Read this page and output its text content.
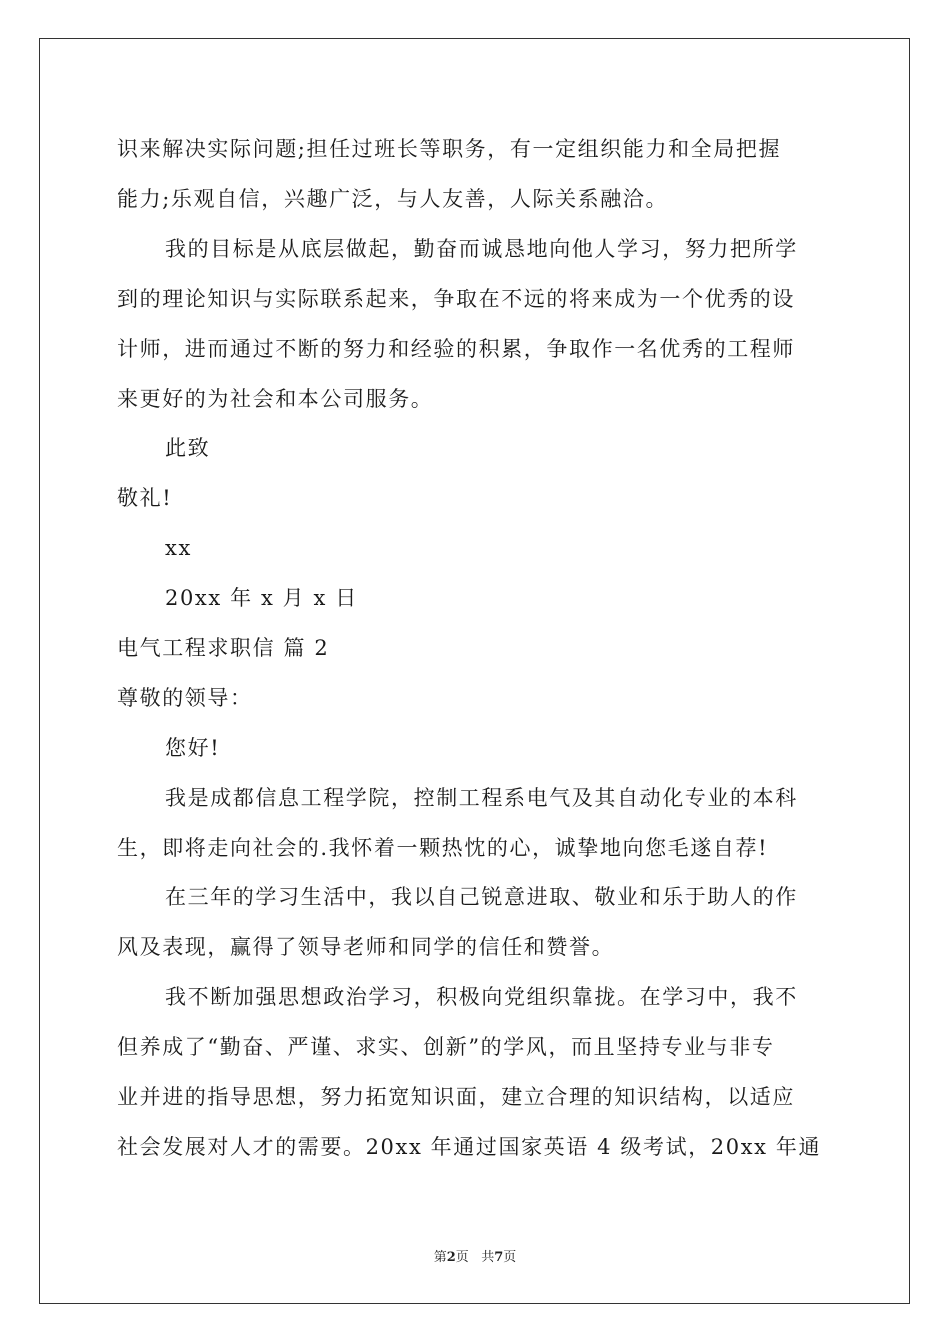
识来解决实际问题;担任过班长等职务，有一定组织能力和全局把握
能力;乐观自信，兴趣广泛，与人友善，人际关系融洽。
我的目标是从底层做起，勤奋而诚恳地向他人学习，努力把所学
到的理论知识与实际联系起来，争取在不远的将来成为一个优秀的设
计师，进而通过不断的努力和经验的积累，争取作一名优秀的工程师
来更好的为社会和本公司服务。
此致
敬礼!
xx
20xx 年 x 月 x 日
电气工程求职信 篇 2
尊敬的领导：
您好!
我是成都信息工程学院，控制工程系电气及其自动化专业的本科
生，即将走向社会的.我怀着一颗热忱的心，诚挚地向您毛遂自荐!
在三年的学习生活中，我以自己锐意进取、敬业和乐于助人的作
风及表现，赢得了领导老师和同学的信任和赞誉。
我不断加强思想政治学习，积极向党组织靠拢。在学习中，我不
但养成了“勤奋、严谨、求实、创新”的学风，而且坚持专业与非专
业并进的指导思想，努力拓宽知识面，建立合理的知识结构，以适应
社会发展对人才的需要。20xx 年通过国家英语 4 级考试，20xx 年通
第2页 共7页
